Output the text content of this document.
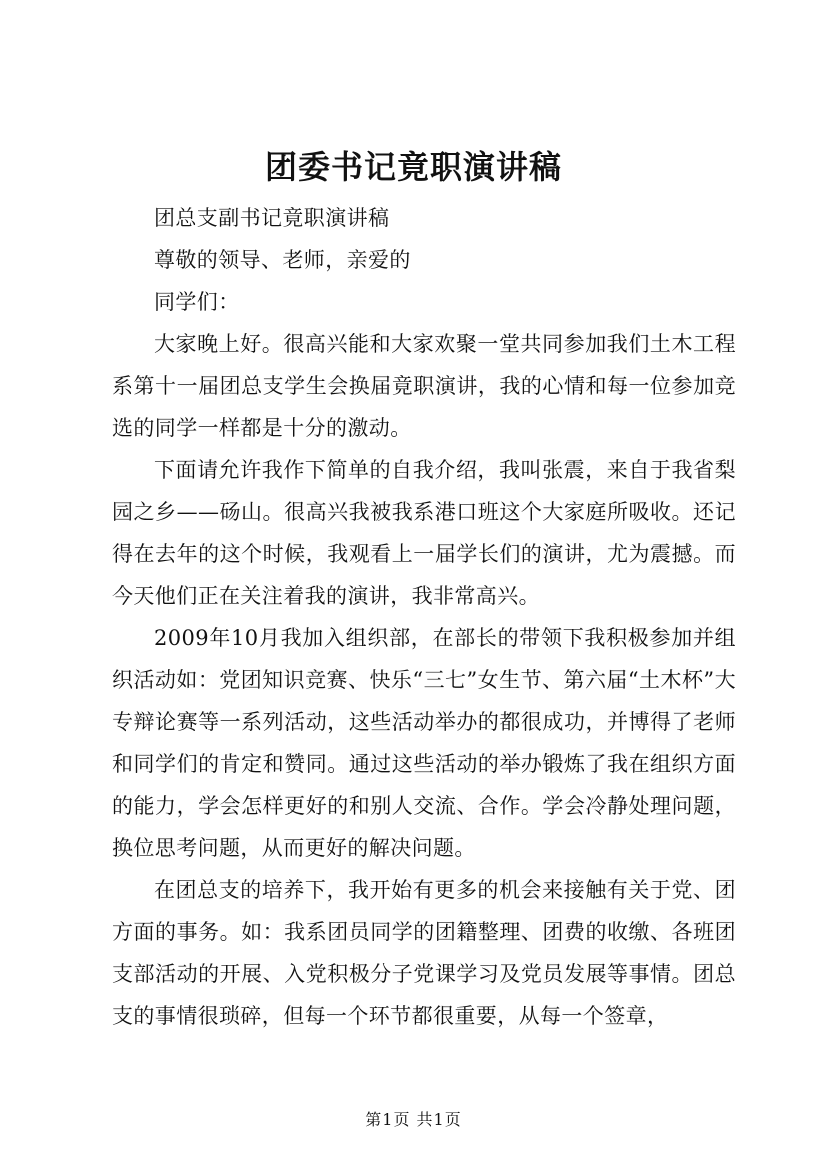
团委书记竟职演讲稿

团总支副书记竟职演讲稿

尊敬的领导、老师，亲爱的

同学们：

大家晚上好。很高兴能和大家欢聚一堂共同参加我们土木工程系第十一届团总支学生会换届竟职演讲，我的心情和每一位参加竞选的同学一样都是十分的激动。

下面请允许我作下简单的自我介绍，我叫张震，来自于我省梨园之乡——砀山。很高兴我被我系港口班这个大家庭所吸收。还记得在去年的这个时候，我观看上一届学长们的演讲，尤为震撼。而今天他们正在关注着我的演讲，我非常高兴。

2009年10月我加入组织部，在部长的带领下我积极参加并组织活动如：党团知识竞赛、快乐“三七”女生节、第六届“土木杯”大专辩论赛等一系列活动，这些活动举办的都很成功，并博得了老师和同学们的肯定和赞同。通过这些活动的举办锻炼了我在组织方面的能力，学会怎样更好的和别人交流、合作。学会冷静处理问题，换位思考问题，从而更好的解决问题。

在团总支的培养下，我开始有更多的机会来接触有关于党、团方面的事务。如：我系团员同学的团籍整理、团费的收缴、各班团支部活动的开展、入党积极分子党课学习及党员发展等事情。团总支的事情很琐碎，但每一个环节都很重要，从每一个签章，

第1页 共1页
